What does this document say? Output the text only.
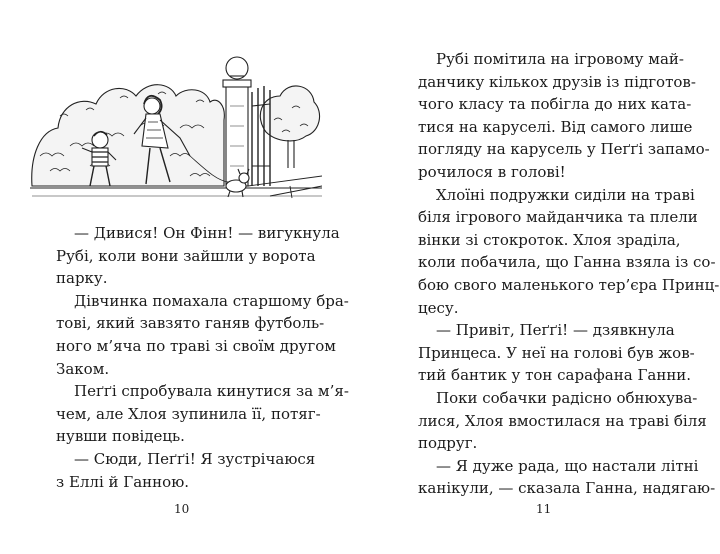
— Дивися! Он Фінн! — вигукнула
Рубі, коли вони зайшли у ворота
парку.
Дівчинка помахала старшому бра-
тові, який завзято ганяв футболь-
ного м’яча по траві зі своїм другом
Заком.
Пеґґі спробувала кинутися за м’я-
чем, але Хлоя зупинила її, потяг-
нувши повідець.
— Сюди, Пеґґі! Я зустрічаюся
з Еллі й Ганною.
10
Рубі помітила на ігровому май-
данчику кількох друзів із підготов-
чого класу та побігла до них ката-
тися на каруселі. Від самого лише
погляду на карусель у Пеґґі запамо-
рочилося в голові!
Хлоїні подружки сиділи на траві
біля ігрового майданчика та плели
вінки зі стокроток. Хлоя зраділа,
коли побачила, що Ганна взяла із со-
бою свого маленького тер’єра Принц-
цесу.
— Привіт, Пеґґі! — дзявкнула
Принцеса. У неї на голові був жов-
тий бантик у тон сарафана Ганни.
Поки собачки радісно обнюхува-
лися, Хлоя вмостилася на траві біля
подруг.
— Я дуже рада, що настали літні
канікули, — сказала Ганна, надягаю-
11
